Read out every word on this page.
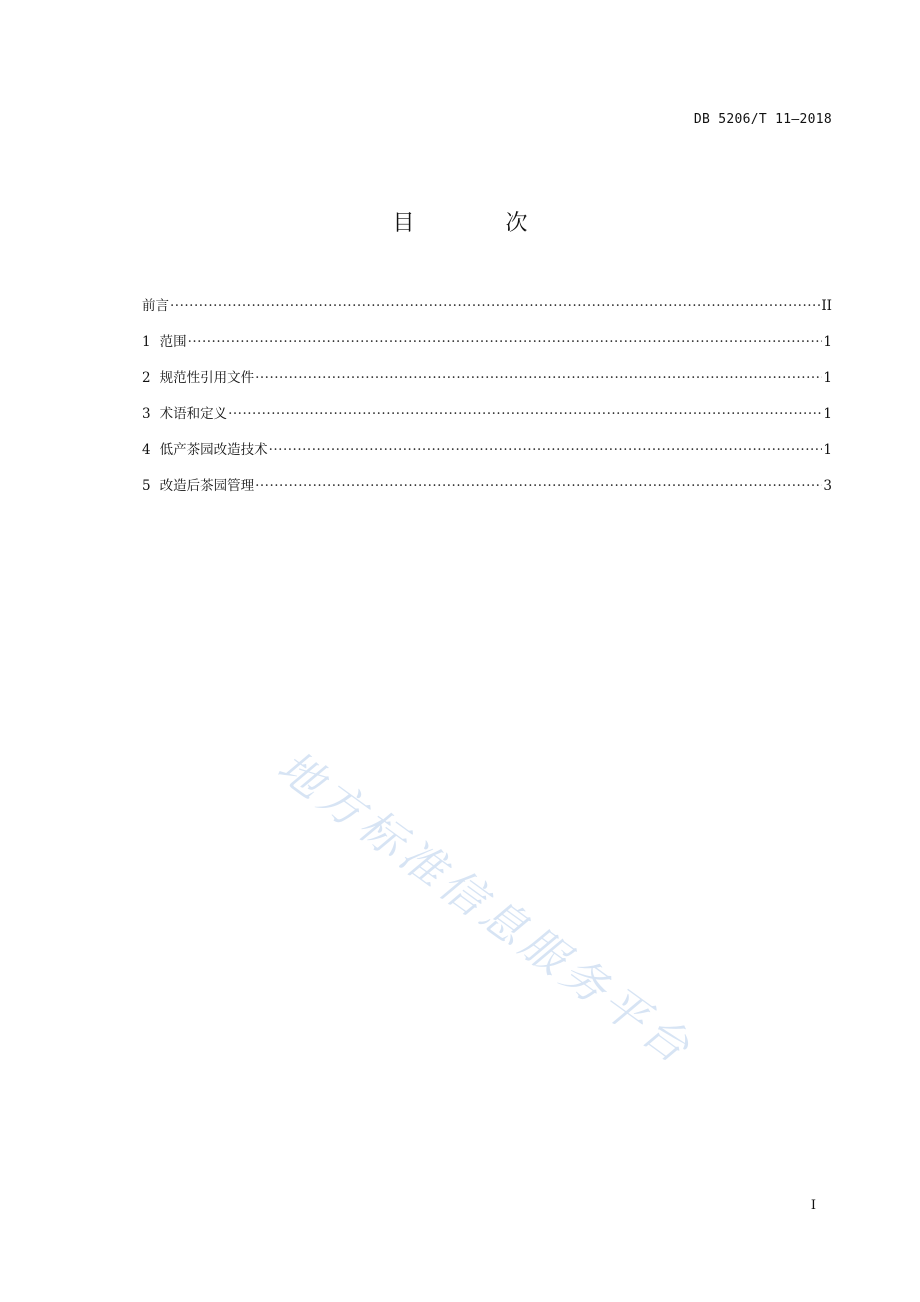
DB 5206/T 11—2018
目 次
前言 ·····	II
1 范围 ·····	1
2 规范性引用文件 ·····	1
3 术语和定义 ·····	1
4 低产茶园改造技术 ·····	1
5 改造后茶园管理 ·····	3
地方标准信息服务平台
I
